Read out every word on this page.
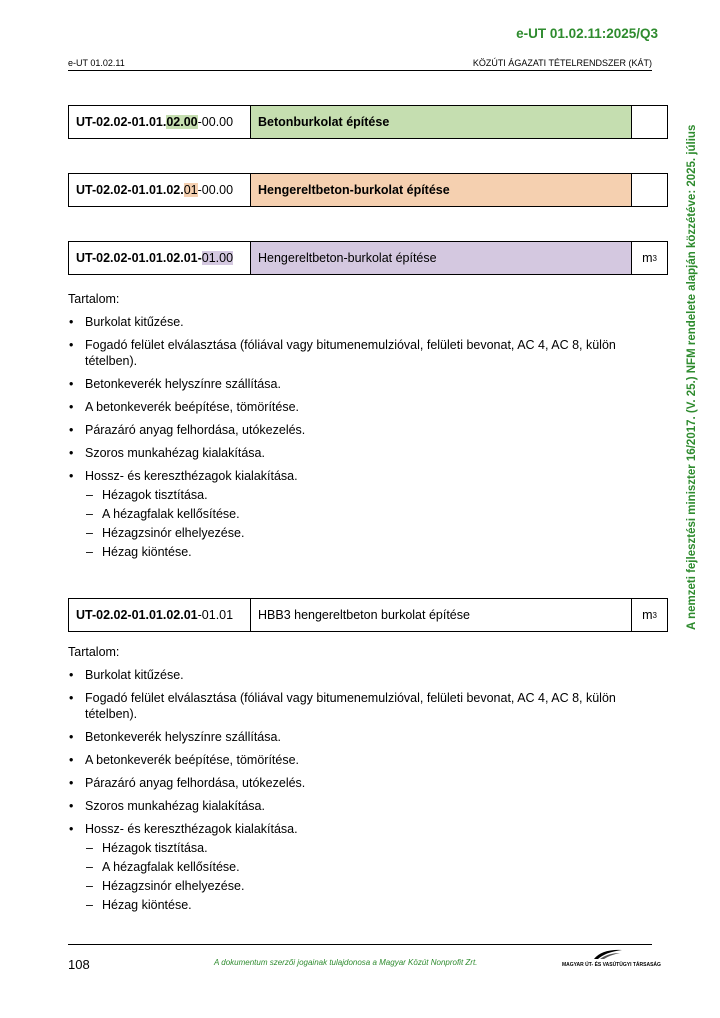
e-UT 01.02.11:2025/Q3
e-UT 01.02.11	KÖZÚTI ÁGAZATI TÉTELRENDSZER (KÁT)
A nemzeti fejlesztési miniszter 16/2017. (V. 25.) NFM rendelete alapján közzétéve: 2025. július
UT-02.02-01.01. 02.00 -00.00	Betonburkolat építése
UT-02.02-01.01.02. 01 -00.00	Hengereltbeton-burkolat építése
UT-02.02-01.01.02.01- 01.00	Hengereltbeton-burkolat építése	m 3
Tartalom:
• Burkolat kitűzése.
• Fogadó felület elválasztása (fóliával vagy bitumenemulzióval, felületi bevonat, AC 4, AC 8, külön tételben).
• Betonkeverék helyszínre szállítása.
• A betonkeverék beépítése, tömörítése.
• Párazáró anyag felhordása, utókezelés.
• Szoros munkahézag kialakítása.
• Hossz- és kereszthézagok kialakítása.
– Hézagok tisztítása.
– A hézagfalak kellősítése.
– Hézagzsinór elhelyezése.
– Hézag kiöntése.
UT-02.02-01.01.02.01 -01.01	HBB3 hengereltbeton burkolat építése	m 3
Tartalom:
• Burkolat kitűzése.
• Fogadó felület elválasztása (fóliával vagy bitumenemulzióval, felületi bevonat, AC 4, AC 8, külön tételben).
• Betonkeverék helyszínre szállítása.
• A betonkeverék beépítése, tömörítése.
• Párazáró anyag felhordása, utókezelés.
• Szoros munkahézag kialakítása.
• Hossz- és kereszthézagok kialakítása.
– Hézagok tisztítása.
– A hézagfalak kellősítése.
– Hézagzsinór elhelyezése.
– Hézag kiöntése.
108	A dokumentum szerzői jogainak tulajdonosa a Magyar Közút Nonprofit Zrt.	MAGYAR ÚT- ÉS VASÚTÜGYI TÁRSASÁG
